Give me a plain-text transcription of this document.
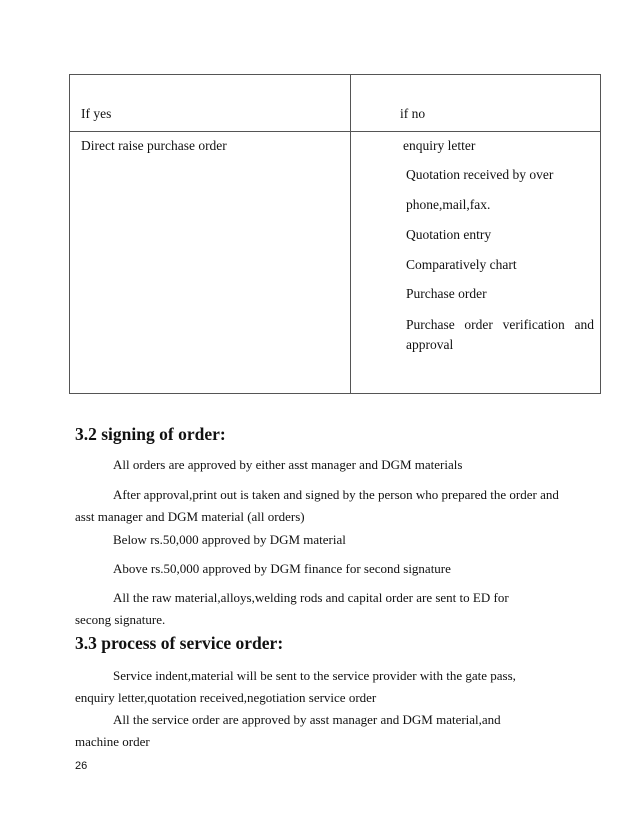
If yes	if no
Direct raise purchase order	enquiry letter
Quotation received by over
phone,mail,fax.
Quotation entry
Comparatively chart
Purchase order
Purchase order verification and approval
3.2 signing of order:
All orders are approved by either asst manager and DGM materials
After approval,print out is taken and signed by the person who prepared the order and asst manager and DGM material (all orders)
Below rs.50,000 approved by DGM material
Above rs.50,000 approved by DGM finance for second signature
All the raw material,alloys,welding rods and capital order are sent to ED for secong signature.
3.3 process of service order:
Service indent,material will be sent to the service provider with the gate pass, enquiry letter,quotation received,negotiation service order
All the service order are approved by asst manager and DGM material,and machine order
26
